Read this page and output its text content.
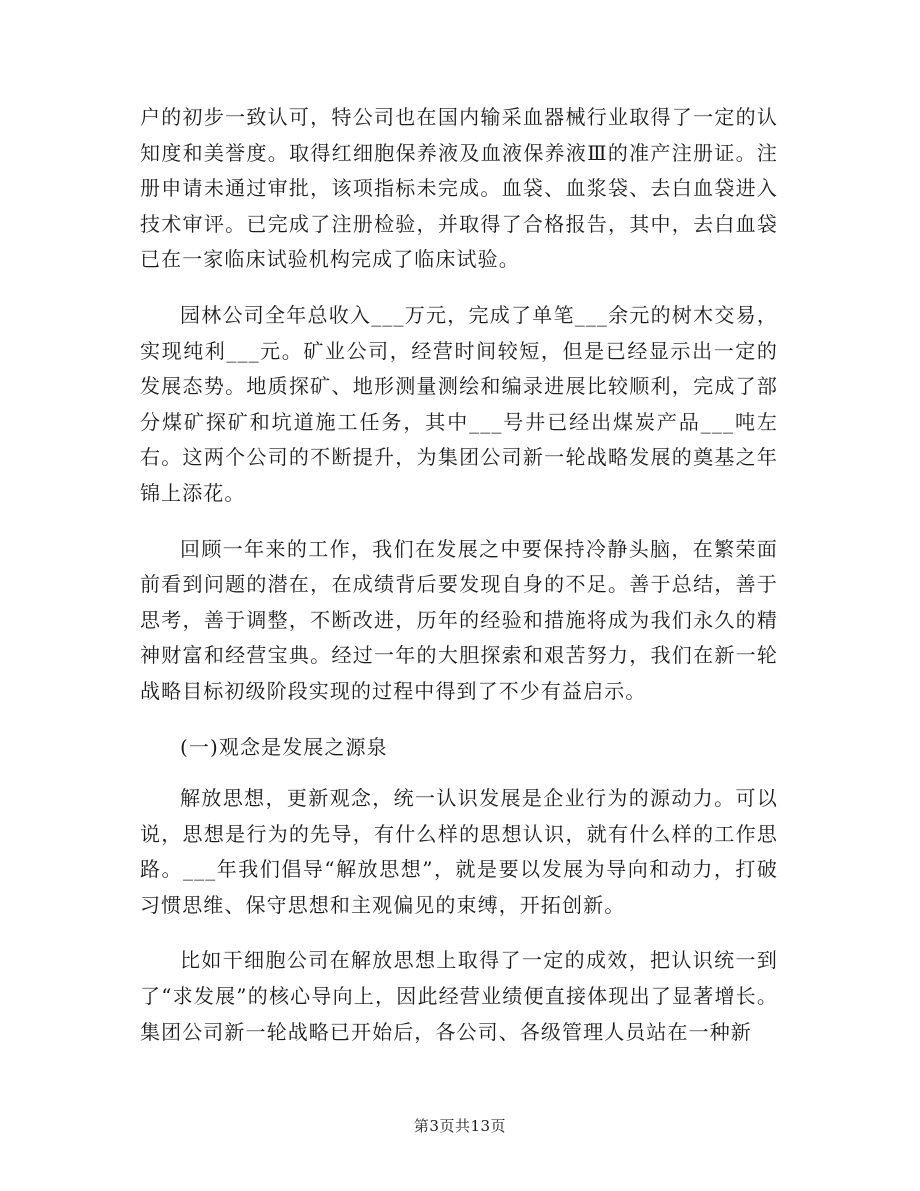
户的初步一致认可，特公司也在国内输采血器械行业取得了一定的认知度和美誉度。取得红细胞保养液及血液保养液Ⅲ的准产注册证。注册申请未通过审批，该项指标未完成。血袋、血浆袋、去白血袋进入技术审评。已完成了注册检验，并取得了合格报告，其中，去白血袋已在一家临床试验机构完成了临床试验。

园林公司全年总收入___万元，完成了单笔___余元的树木交易，实现纯利___元。矿业公司，经营时间较短，但是已经显示出一定的发展态势。地质探矿、地形测量测绘和编录进展比较顺利，完成了部分煤矿探矿和坑道施工任务，其中___号井已经出煤炭产品___吨左右。这两个公司的不断提升，为集团公司新一轮战略发展的奠基之年锦上添花。

回顾一年来的工作，我们在发展之中要保持冷静头脑，在繁荣面前看到问题的潜在，在成绩背后要发现自身的不足。善于总结，善于思考，善于调整，不断改进，历年的经验和措施将成为我们永久的精神财富和经营宝典。经过一年的大胆探索和艰苦努力，我们在新一轮战略目标初级阶段实现的过程中得到了不少有益启示。

(一)观念是发展之源泉

解放思想，更新观念，统一认识发展是企业行为的源动力。可以说，思想是行为的先导，有什么样的思想认识，就有什么样的工作思路。___年我们倡导“解放思想”，就是要以发展为导向和动力，打破习惯思维、保守思想和主观偏见的束缚，开拓创新。

比如干细胞公司在解放思想上取得了一定的成效，把认识统一到了“求发展”的核心导向上，因此经营业绩便直接体现出了显著增长。集团公司新一轮战略已开始后，各公司、各级管理人员站在一种新

第3页共13页
